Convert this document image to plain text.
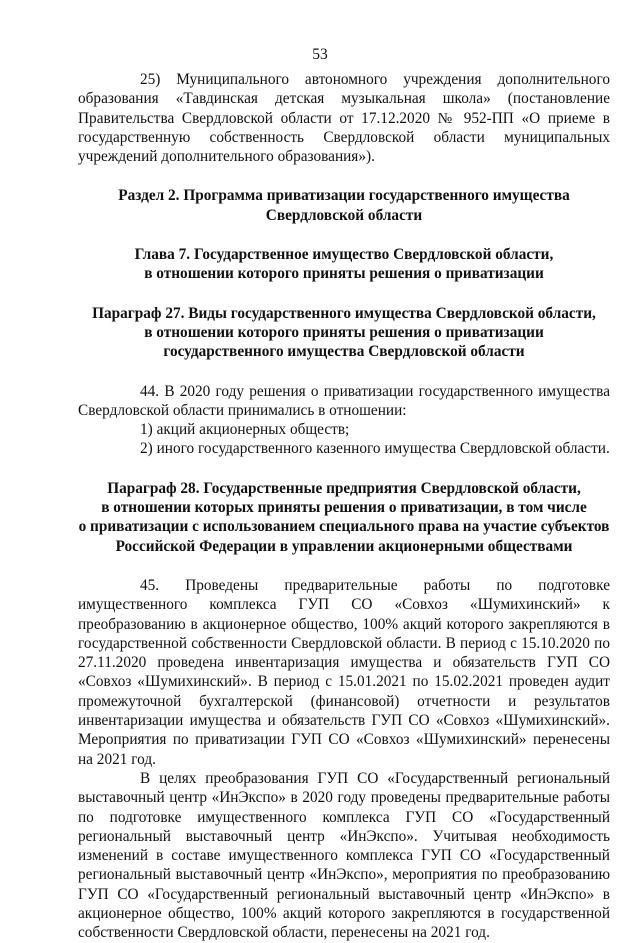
53

25) Муниципального автономного учреждения дополнительного образования «Тавдинская детская музыкальная школа» (постановление Правительства Свердловской области от 17.12.2020 № 952-ПП «О приеме в государственную собственность Свердловской области муниципальных учреждений дополнительного образования»).

Раздел 2. Программа приватизации государственного имущества
Свердловской области
Глава 7. Государственное имущество Свердловской области,
в отношении которого приняты решения о приватизации
Параграф 27. Виды государственного имущества Свердловской области,
в отношении которого приняты решения о приватизации
государственного имущества Свердловской области

44. В 2020 году решения о приватизации государственного имущества Свердловской области принимались в отношении:

1) акций акционерных обществ;

2) иного государственного казенного имущества Свердловской области.

Параграф 28. Государственные предприятия Свердловской области,
в отношении которых приняты решения о приватизации, в том числе
о приватизации с использованием специального права на участие субъектов
Российской Федерации в управлении акционерными обществами

45. Проведены предварительные работы по подготовке имущественного комплекса ГУП СО «Совхоз «Шумихинский» к преобразованию в акционерное общество, 100% акций которого закрепляются в государственной собственности Свердловской области. В период с 15.10.2020 по 27.11.2020 проведена инвентаризация имущества и обязательств ГУП СО «Совхоз «Шумихинский». В период с 15.01.2021 по 15.02.2021 проведен аудит промежуточной бухгалтерской (финансовой) отчетности и результатов инвентаризации имущества и обязательств ГУП СО «Совхоз «Шумихинский». Мероприятия по приватизации ГУП СО «Совхоз «Шумихинский» перенесены на 2021 год.

В целях преобразования ГУП СО «Государственный региональный выставочный центр «ИнЭкспо» в 2020 году проведены предварительные работы по подготовке имущественного комплекса ГУП СО «Государственный региональный выставочный центр «ИнЭкспо». Учитывая необходимость изменений в составе имущественного комплекса ГУП СО «Государственный региональный выставочный центр «ИнЭкспо», мероприятия по преобразованию ГУП СО «Государственный региональный выставочный центр «ИнЭкспо» в акционерное общество, 100% акций которого закрепляются в государственной собственности Свердловской области, перенесены на 2021 год.
